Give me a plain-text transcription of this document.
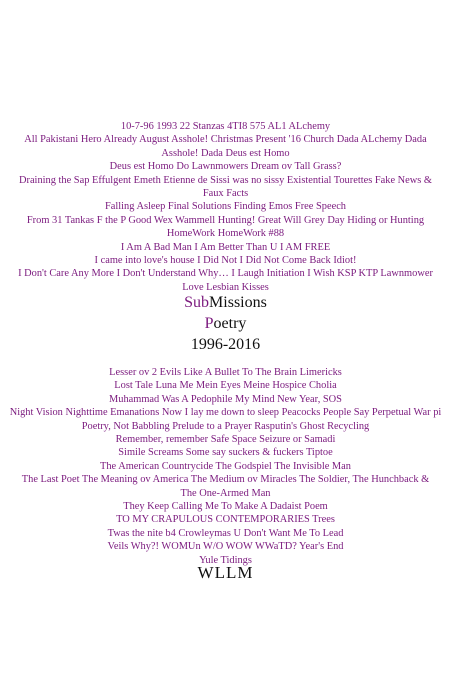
10-7-96 1993 22 Stanzas 4TI8 575 AL1 ALchemy
All Pakistani Hero Already August Asshole! Christmas Present '16 Church Dada ALchemy Dada Asshole! Dada Deus est Homo
Deus est Homo Do Lawnmowers Dream ov Tall Grass?
Draining the Sap Effulgent Emeth Etienne de Sissi was no sissy Existential Tourettes Fake News & Faux Facts
Falling Asleep Final Solutions Finding Emos Free Speech
From 31 Tankas F the P Good Wex Wammell Hunting! Great Will Grey Day Hiding or Hunting HomeWork HomeWork #88
I Am A Bad Man I Am Better Than U I AM FREE
I came into love's house I Did Not I Did Not Come Back Idiot!
I Don't Care Any More I Don't Understand Why… I Laugh Initiation I Wish KSP KTP Lawnmower Love Lesbian Kisses
SubMissions
Poetry
1996-2016
Lesser ov 2 Evils Like A Bullet To The Brain Limericks
Lost Tale Luna Me Mein Eyes Meine Hospice Cholia
Muhammad Was A Pedophile My Mind New Year, SOS
Night Vision Nighttime Emanations Now I lay me down to sleep Peacocks People Say Perpetual War pi
Poetry, Not Babbling Prelude to a Prayer Rasputin's Ghost Recycling
Remember, remember Safe Space Seizure or Samadi
Simile Screams Some say suckers & fuckers Tiptoe
The American Countrycide The Godspiel The Invisible Man
The Last Poet The Meaning ov America The Medium ov Miracles The Soldier, The Hunchback & The One-Armed Man
They Keep Calling Me To Make A Dadaist Poem
TO MY CRAPULOUS CONTEMPORARIES Trees
Twas the nite b4 Crowleymas U Don't Want Me To Lead
Veils Why?! WOMUn W/O WOW WWaTD? Year's End
Yule Tidings
WLLM
